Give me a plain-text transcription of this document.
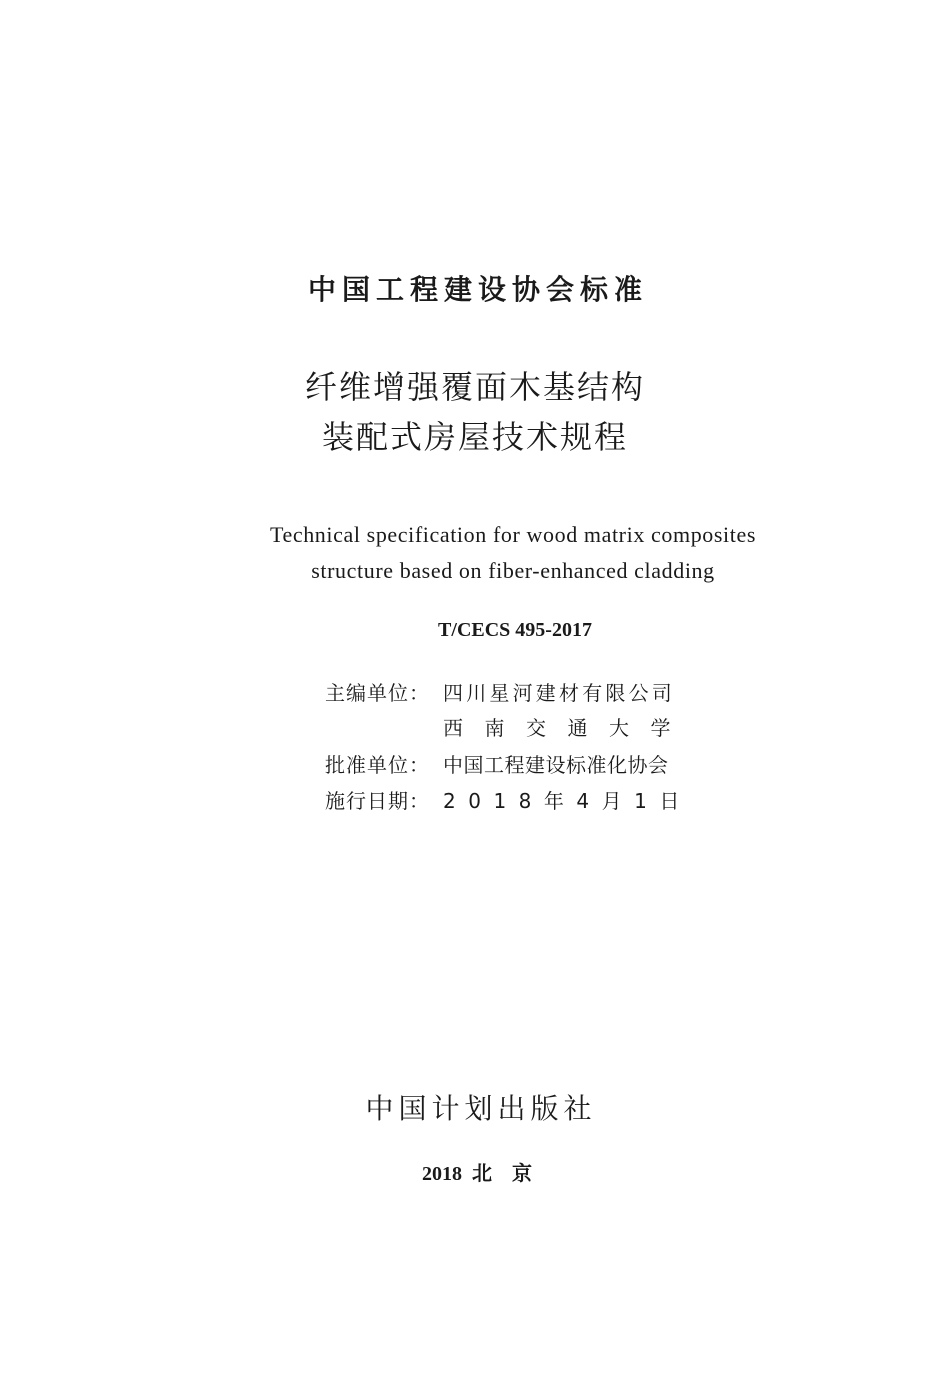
中国工程建设协会标准
纤维增强覆面木基结构
装配式房屋技术规程
Technical specification for wood matrix composites
structure based on fiber-enhanced cladding
T/CECS 495-2017
主编单位： 四川星河建材有限公司
西南交通大学
批准单位： 中国工程建设标准化协会
施行日期： 2018年4月1日
中国计划出版社
2018  北    京
